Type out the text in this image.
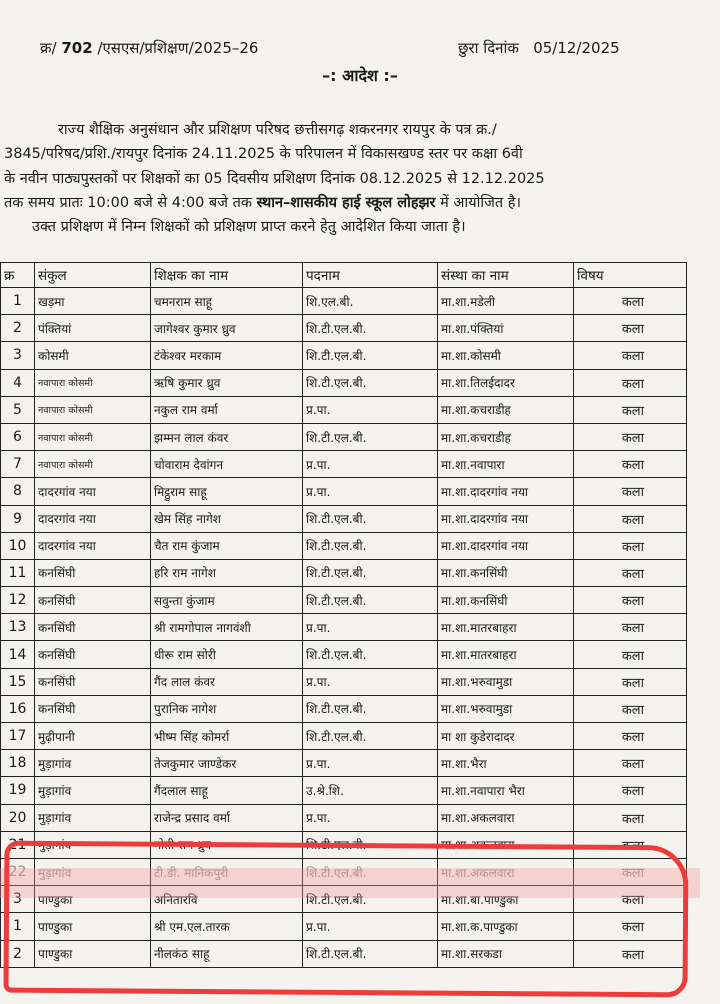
क्र/ 702 /एसएस/प्रशिक्षण/2025–26	छुरा दिनांक 05/12/2025
–: आदेश :–
राज्य शैक्षिक अनुसंधान और प्रशिक्षण परिषद छत्तीसगढ़ शकरनगर रायपुर के पत्र क्र./
3845/परिषद/प्रशि./रायपुर दिनांक 24.11.2025 के परिपालन में विकासखण्ड स्तर पर कक्षा 6वी
के नवीन पाठ्यपुस्तकों पर शिक्षकों का 05 दिवसीय प्रशिक्षण दिनांक 08.12.2025 से 12.12.2025
तक समय प्रातः 10:00 बजे से 4:00 बजे तक स्थान–शासकीय हाई स्कूल लोहझर में आयोजित है।
उक्त प्रशिक्षण में निम्न शिक्षकों को प्रशिक्षण प्राप्त करने हेतु आदेशित किया जाता है।
क्र	संकुल	शिक्षक का नाम	पदनाम	संस्था का नाम	विषय
1	खड़मा	चमनराम साहू	शि.एल.बी.	मा.शा.मडेली	कला
2	पंक्तियां	जागेश्वर कुमार ध्रुव	शि.टी.एल.बी.	मा.शा.पंक्तियां	कला
3	कोसमी	टंकेश्वर मरकाम	शि.टी.एल.बी.	मा.शा.कोसमी	कला
4	नवापारा कोसमी	ऋषि कुमार ध्रुव	शि.टी.एल.बी.	मा.शा.तिलईदादर	कला
5	नवापारा कोसमी	नकुल राम वर्मा	प्र.पा.	मा.शा.कचराडीह	कला
6	नवापारा कोसमी	झम्मन लाल कंवर	शि.टी.एल.बी.	मा.शा.कचराडीह	कला
7	नवापारा कोसमी	चोवाराम देवांगन	प्र.पा.	मा.शा.नवापारा	कला
8	दादरगांव नया	मिट्ठुराम साहू	प्र.पा.	मा.शा.दादरगांव नया	कला
9	दादरगांव नया	खेम सिंह नागेश	शि.टी.एल.बी.	मा.शा.दादरगांव नया	कला
10	दादरगांव नया	चैत राम कुंजाम	शि.टी.एल.बी.	मा.शा.दादरगांव नया	कला
11	कनसिंघी	हरि राम नागेश	शि.टी.एल.बी.	मा.शा.कनसिंघी	कला
12	कनसिंघी	सवुन्ता कुंजाम	शि.टी.एल.बी.	मा.शा.कनसिंघी	कला
13	कनसिंघी	श्री रामगोपाल नागवंशी	प्र.पा.	मा.शा.मातरबाहरा	कला
14	कनसिंघी	धीरू राम सोरी	शि.टी.एल.बी.	मा.शा.मातरबाहरा	कला
15	कनसिंघी	गैंद लाल कंवर	प्र.पा.	मा.शा.भरुवामुडा	कला
16	कनसिंघी	पुरानिक नागेश	शि.टी.एल.बी.	मा.शा.भरुवामुडा	कला
17	मुढ़ीपानी	भीष्म सिंह कोमर्रा	शि.टी.एल.बी.	मा शा कुडेरादादर	कला
18	मुड़ागांव	तेजकुमार जाण्डेकर	प्र.पा.	मा.शा.भैरा	कला
19	मुड़ागांव	गैंदलाल साहू	उ.श्रे.शि.	मा.शा.नवापारा भैरा	कला
20	मुड़ागांव	राजेन्द्र प्रसाद वर्मा	प्र.पा.	मा.शा.अकलवारा	कला
21	मुड़ागांव	मोती राम ध्रुव	शि.टी.एल.बी.	मा.शा.अकलवारा	कला
22	मुड़ागांव	टी.डी. मानिकपुरी	शि.टी.एल.बी.	मा.शा.अकलवारा	कला
3	पाण्डुका	अनितारवि	शि.टी.एल.बी.	मा.शा.बा.पाण्डुका	कला
1	पाण्डुका	श्री एम.एल.तारक	प्र.पा.	मा.शा.क.पाण्डुका	कला
2	पाण्डुका	नीलकंठ साहू	शि.टी.एल.बी.	मा.शा.सरकडा	कला
